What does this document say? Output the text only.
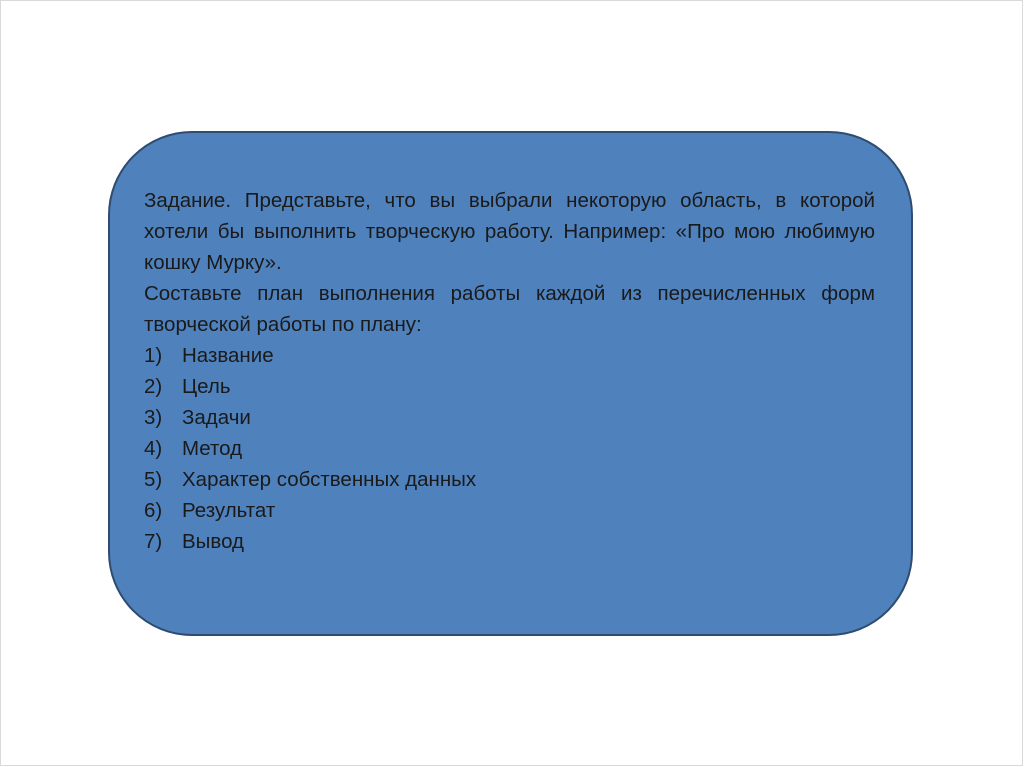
Задание. Представьте, что вы выбрали некоторую область, в которой хотели бы выполнить творческую работу. Например: «Про мою любимую кошку Мурку».

Составьте план выполнения работы каждой из перечисленных форм творческой работы по плану:

1) Название
2) Цель
3) Задачи
4) Метод
5) Характер собственных данных
6) Результат
7) Вывод
